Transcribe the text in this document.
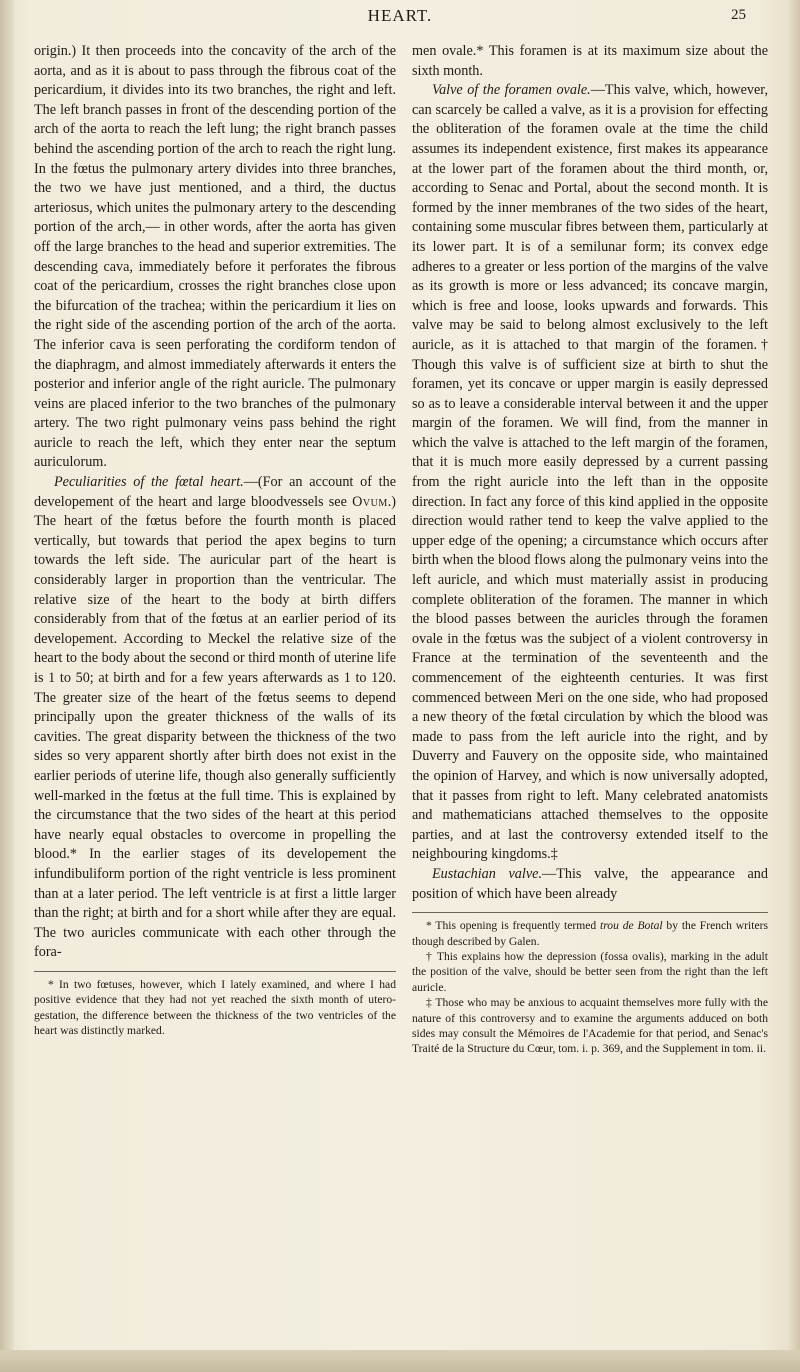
HEART.	25

origin.) It then proceeds into the concavity of the arch of the aorta, and as it is about to pass through the fibrous coat of the pericardium, it divides into its two branches, the right and left. The left branch passes in front of the descending portion of the arch of the aorta to reach the left lung; the right branch passes behind the ascending portion of the arch to reach the right lung. In the fœtus the pulmonary artery divides into three branches, the two we have just mentioned, and a third, the ductus arteriosus, which unites the pulmonary artery to the descending portion of the arch,— in other words, after the aorta has given off the large branches to the head and superior extremities. The descending cava, immediately before it perforates the fibrous coat of the pericardium, crosses the right branches close upon the bifurcation of the trachea; within the pericardium it lies on the right side of the ascending portion of the arch of the aorta. The inferior cava is seen perforating the cordiform tendon of the diaphragm, and almost immediately afterwards it enters the posterior and inferior angle of the right auricle. The pulmonary veins are placed inferior to the two branches of the pulmonary artery. The two right pulmonary veins pass behind the right auricle to reach the left, which they enter near the septum auriculorum.

Peculiarities of the fœtal heart.—(For an account of the developement of the heart and large bloodvessels see Ovum.) The heart of the fœtus before the fourth month is placed vertically, but towards that period the apex begins to turn towards the left side. The auricular part of the heart is considerably larger in proportion than the ventricular. The relative size of the heart to the body at birth differs considerably from that of the fœtus at an earlier period of its developement. According to Meckel the relative size of the heart to the body about the second or third month of uterine life is 1 to 50; at birth and for a few years afterwards as 1 to 120. The greater size of the heart of the fœtus seems to depend principally upon the greater thickness of the walls of its cavities. The great disparity between the thickness of the two sides so very apparent shortly after birth does not exist in the earlier periods of uterine life, though also generally sufficiently well-marked in the fœtus at the full time. This is explained by the circumstance that the two sides of the heart at this period have nearly equal obstacles to overcome in propelling the blood.* In the earlier stages of its developement the infundibuliform portion of the right ventricle is less prominent than at a later period. The left ventricle is at first a little larger than the right; at birth and for a short while after they are equal. The two auricles communicate with each other through the fora-

* In two fœtuses, however, which I lately examined, and where I had positive evidence that they had not yet reached the sixth month of utero-gestation, the difference between the thickness of the two ventricles of the heart was distinctly marked.

men ovale.* This foramen is at its maximum size about the sixth month.

Valve of the foramen ovale.—This valve, which, however, can scarcely be called a valve, as it is a provision for effecting the obliteration of the foramen ovale at the time the child assumes its independent existence, first makes its appearance at the lower part of the foramen about the third month, or, according to Senac and Portal, about the second month. It is formed by the inner membranes of the two sides of the heart, containing some muscular fibres between them, particularly at its lower part. It is of a semilunar form; its convex edge adheres to a greater or less portion of the margins of the valve as its growth is more or less advanced; its concave margin, which is free and loose, looks upwards and forwards. This valve may be said to belong almost exclusively to the left auricle, as it is attached to that margin of the foramen.† Though this valve is of sufficient size at birth to shut the foramen, yet its concave or upper margin is easily depressed so as to leave a considerable interval between it and the upper margin of the foramen. We will find, from the manner in which the valve is attached to the left margin of the foramen, that it is much more easily depressed by a current passing from the right auricle into the left than in the opposite direction. In fact any force of this kind applied in the opposite direction would rather tend to keep the valve applied to the upper edge of the opening; a circumstance which occurs after birth when the blood flows along the pulmonary veins into the left auricle, and which must materially assist in producing complete obliteration of the foramen. The manner in which the blood passes between the auricles through the foramen ovale in the fœtus was the subject of a violent controversy in France at the termination of the seventeenth and the commencement of the eighteenth centuries. It was first commenced between Meri on the one side, who had proposed a new theory of the fœtal circulation by which the blood was made to pass from the left auricle into the right, and by Duverry and Fauvery on the opposite side, who maintained the opinion of Harvey, and which is now universally adopted, that it passes from right to left. Many celebrated anatomists and mathematicians attached themselves to the opposite parties, and at last the controversy extended itself to the neighbouring kingdoms.‡

Eustachian valve.—This valve, the appearance and position of which have been already

* This opening is frequently termed trou de Botal by the French writers though described by Galen.

† This explains how the depression (fossa ovalis), marking in the adult the position of the valve, should be better seen from the right than the left auricle.

‡ Those who may be anxious to acquaint themselves more fully with the nature of this controversy and to examine the arguments adduced on both sides may consult the Mémoires de l'Academie for that period, and Senac's Traité de la Structure du Cœur, tom. i. p. 369, and the Supplement in tom. ii.
